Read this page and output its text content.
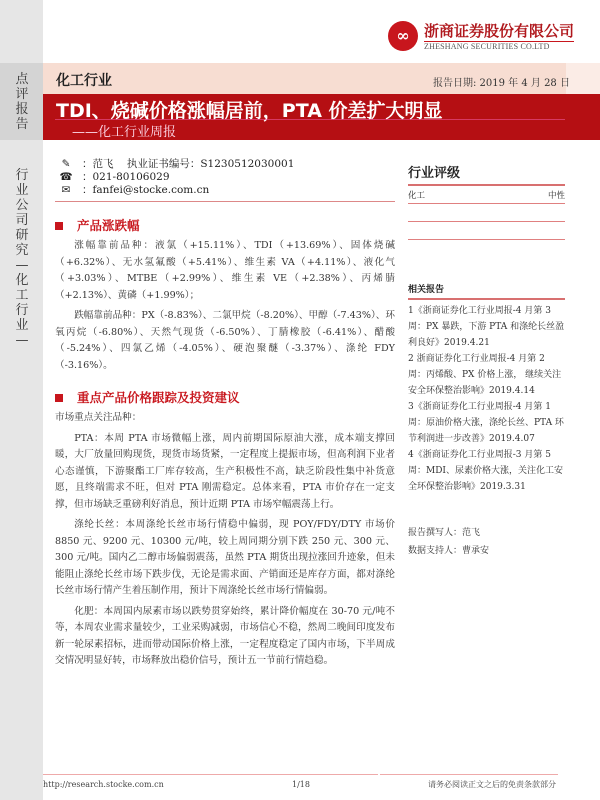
点评报告
行业公司研究—化工行业—
∞ 浙商证券股份有限公司
ZHESHANG SECURITIES CO.LTD
化工行业	报告日期: 2019 年 4 月 28 日
TDI、烧碱价格涨幅居前，PTA 价差扩大明显
——化工行业周报
✎	：范飞    执业证书编号：S1230512030001
☎ ：021-80106029
✉	：fanfei@stocke.com.cn
产品涨跌幅

涨幅靠前品种：液氯（+15.11%）、TDI（+13.69%）、固体烧碱（+6.32%）、无水氢氟酸（+5.41%）、维生素 VA（+4.11%）、液化气（+3.03%）、MTBE（+2.99%）、维生素 VE（+2.38%）、丙烯腈（+2.13%）、黄磷（+1.99%）；

跌幅靠前品种：PX（-8.83%）、二氯甲烷（-8.20%）、甲醇（-7.43%）、环氧丙烷（-6.80%）、天然气现货（-6.50%）、丁腈橡胶（-6.41%）、醋酸（-5.24%）、四氯乙烯（-4.05%）、硬泡聚醚（-3.37%）、涤纶 FDY（-3.16%）。

重点产品价格跟踪及投资建议

市场重点关注品种：

PTA：本周 PTA 市场微幅上涨，周内前期国际原油大涨，成本端支撑回暖，大厂放量回购现货，现货市场货紧，一定程度上提振市场，但高利润下业者心态谨慎，下游聚酯工厂库存较高，生产积极性不高，缺乏阶段性集中补货意愿，且终端需求不旺，但对 PTA 刚需稳定。总体来看，PTA 市价存在一定支撑，但市场缺乏重磅利好消息，预计近期 PTA 市场窄幅震荡上行。

涤纶长丝：本周涤纶长丝市场行情稳中偏弱，现 POY/FDY/DTY 市场价 8850 元、9200 元、10300 元/吨，较上周同期分别下跌 250 元、300 元、300 元/吨。国内乙二醇市场偏弱震荡，虽然 PTA 期货出现拉涨回升迹象，但未能阻止涤纶长丝市场下跌步伐，无论是需求面、产销面还是库存方面，都对涤纶长丝市场行情产生着压制作用，预计下周涤纶长丝市场行情偏弱。

化肥：本周国内尿素市场以跌势贯穿始终，累计降价幅度在 30-70 元/吨不等，本周农业需求量较少，工业采购减弱，市场信心不稳，然周二晚间印度发布新一轮尿素招标，进而带动国际价格上涨，一定程度稳定了国内市场，下半周成交情况明显好转，市场释放出稳价信号，预计五一节前行情趋稳。

行业评级
化工	中性
相关报告
1《浙商证券化工行业周报-4 月第 3 周：PX 暴跌，下游 PTA 和涤纶长丝盈利良好》2019.4.21
2 浙商证券化工行业周报-4 月第 2 周：丙烯酸、PX 价格上涨， 继续关注安全环保整治影响》2019.4.14
3《浙商证券化工行业周报-4 月第 1 周：原油价格大涨，涤纶长丝、PTA 环节利润进一步改善》2019.4.07
4《浙商证券化工行业周报-3 月第 5 周：MDI、尿素价格大涨，关注化工安全环保整治影响》2019.3.31
报告撰写人：范飞
数据支持人：曹承安
http://research.stocke.com.cn	1/18	请务必阅读正文之后的免责条款部分
